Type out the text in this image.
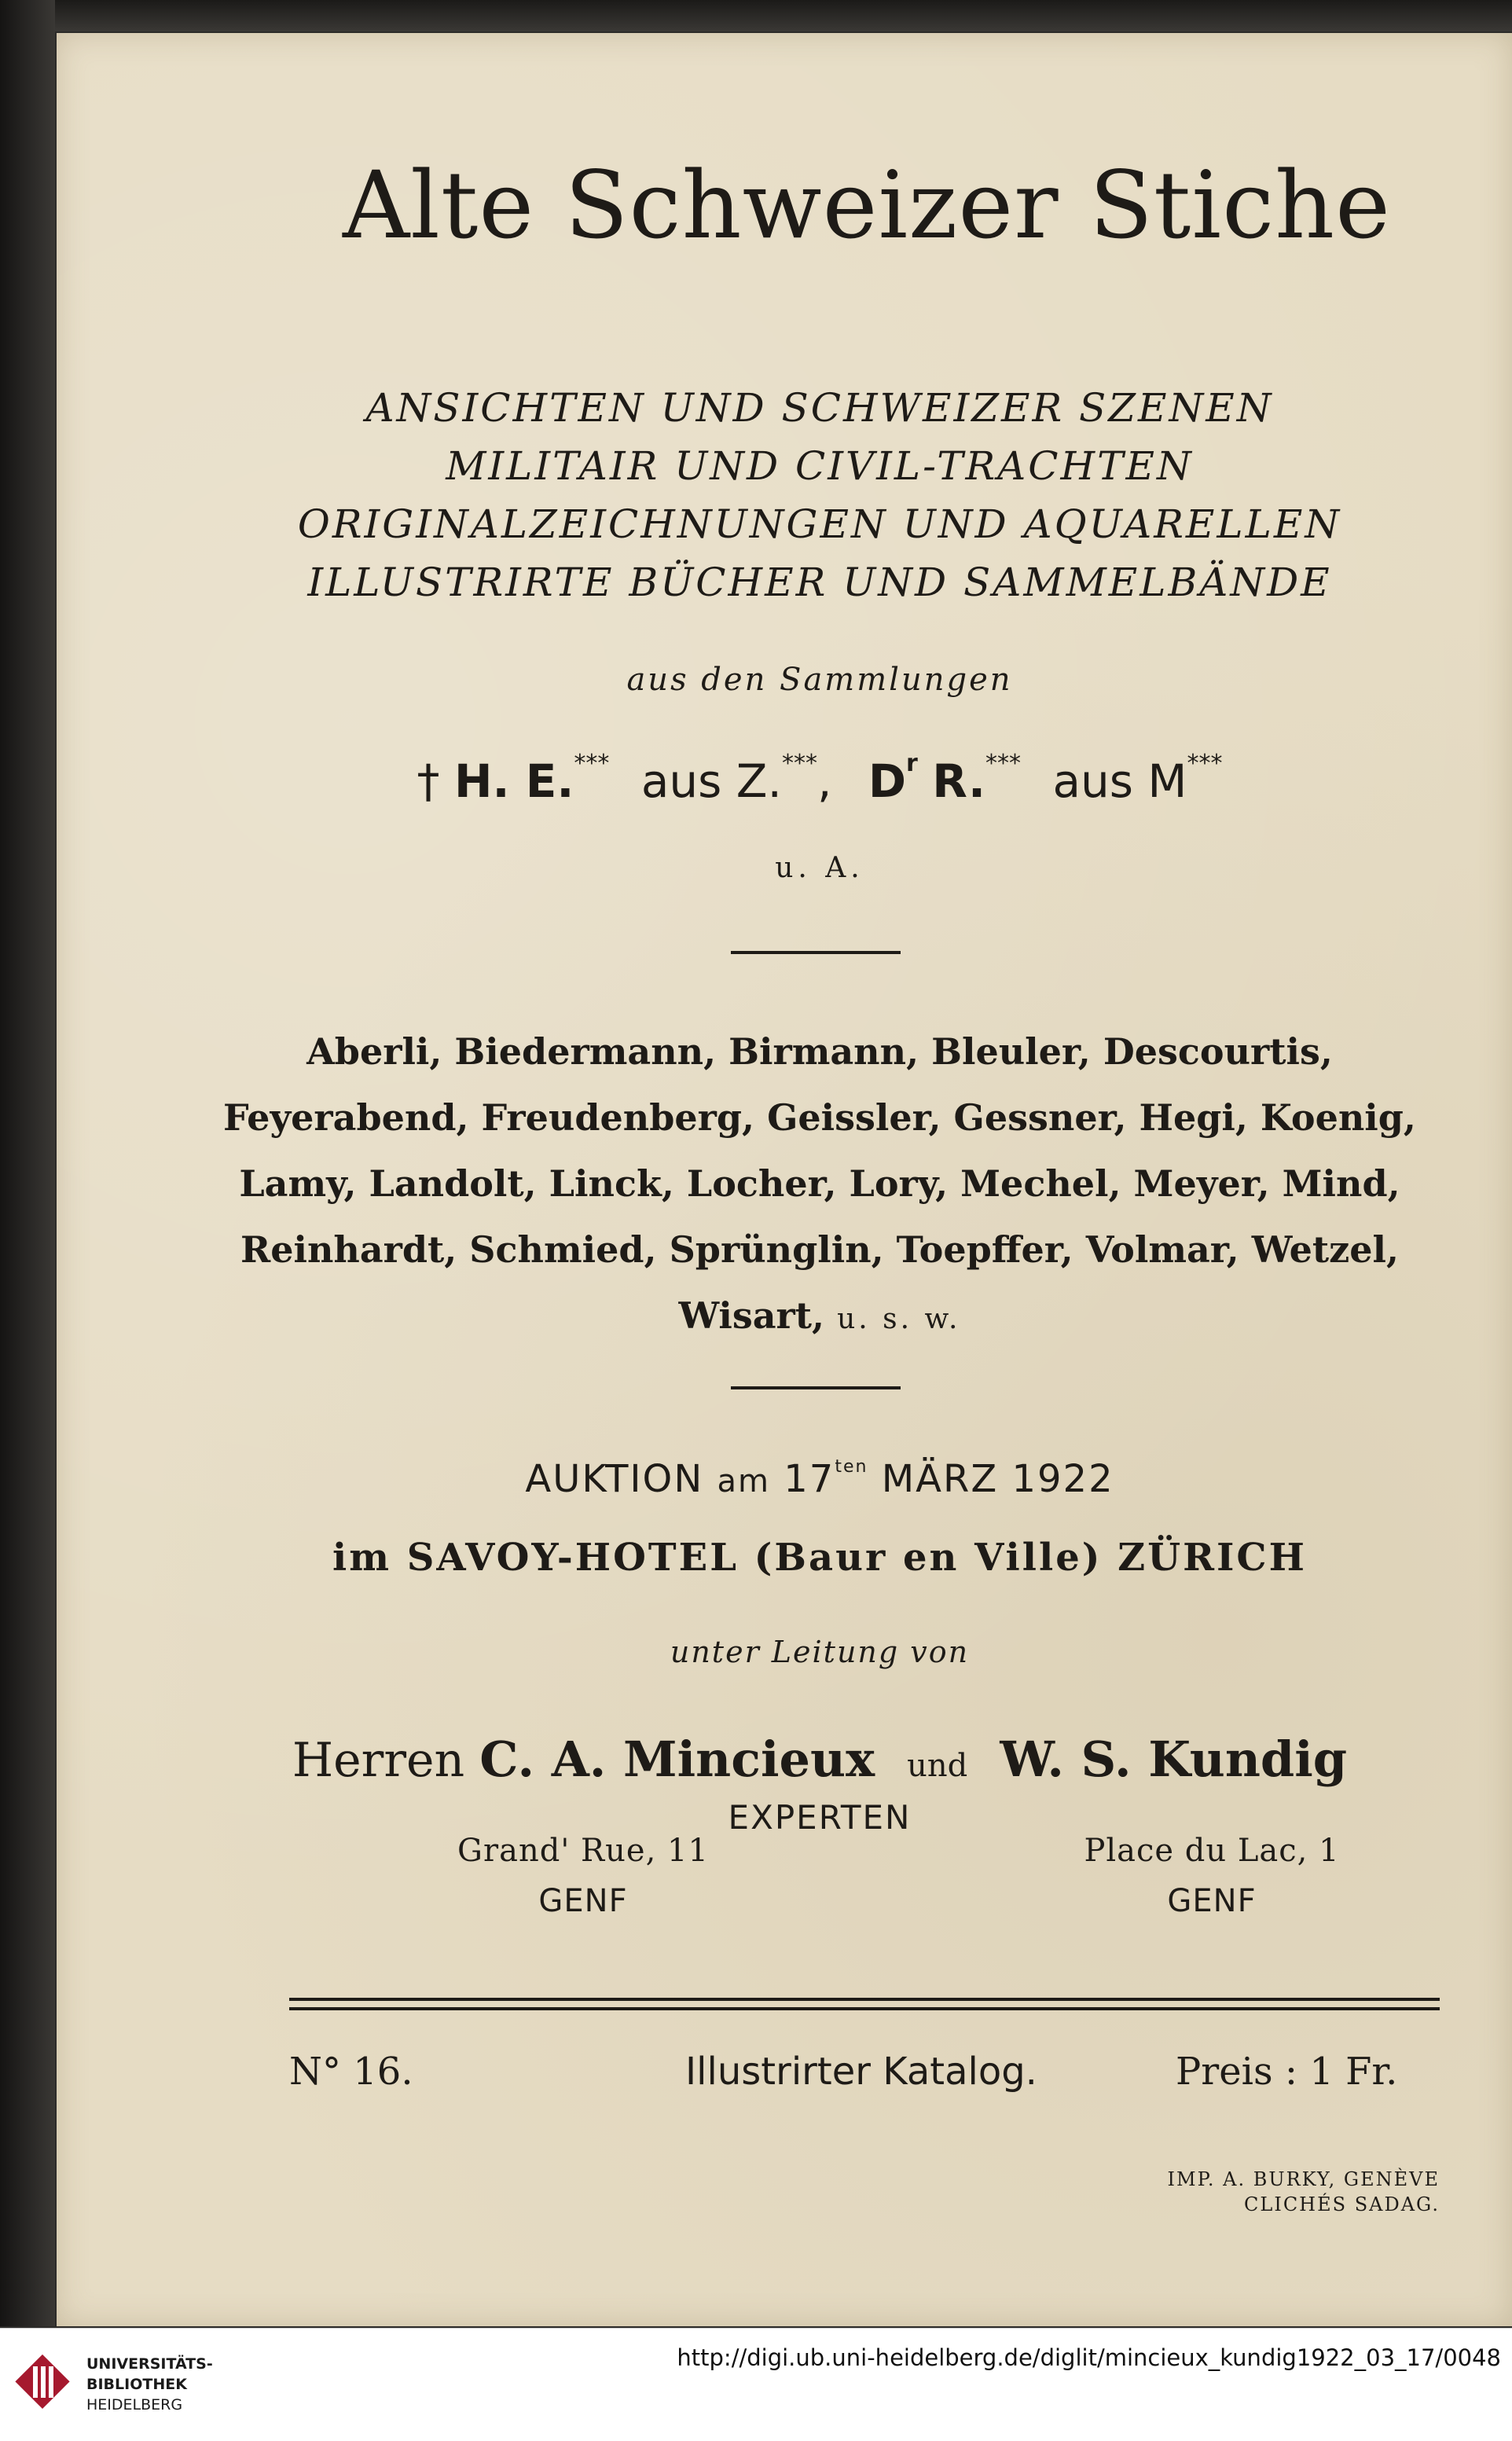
Alte Schweizer Stiche
ANSICHTEN UND SCHWEIZER SZENEN
MILITAIR UND CIVIL-TRACHTEN
ORIGINALZEICHNUNGEN UND AQUARELLEN
ILLUSTRIRTE BÜCHER UND SAMMELBÄNDE
aus den Sammlungen
† H. E.*** aus Z.***, $D^r$ R.*** aus M***
u. A.
Aberli, Biedermann, Birmann, Bleuler, Descourtis,
Feyerabend, Freudenberg, Geissler, Gessner, Hegi, Koenig,
Lamy, Landolt, Linck, Locher, Lory, Mechel, Meyer, Mind,
Reinhardt, Schmied, Sprünglin, Toepffer, Volmar, Wetzel,
Wisart, u. s. w.
AUKTION am $17^{ten}$ MÄRZ 1922
im SAVOY-HOTEL (Baur en Ville) ZÜRICH
unter Leitung von
Herren C. A. Mincieux und W. S. Kundig
EXPERTEN
Grand' Rue, 11
GENF
Place du Lac, 1
GENF
N° 16.	Illustrirter Katalog.	Preis : 1 Fr.
IMP. A. BURKY, GENÈVE
CLICHÉS SADAG.
UNIVERSITÄTS-
BIBLIOTHEK
HEIDELBERG
http://digi.ub.uni-heidelberg.de/diglit/mincieux_kundig1922_03_17/0048
